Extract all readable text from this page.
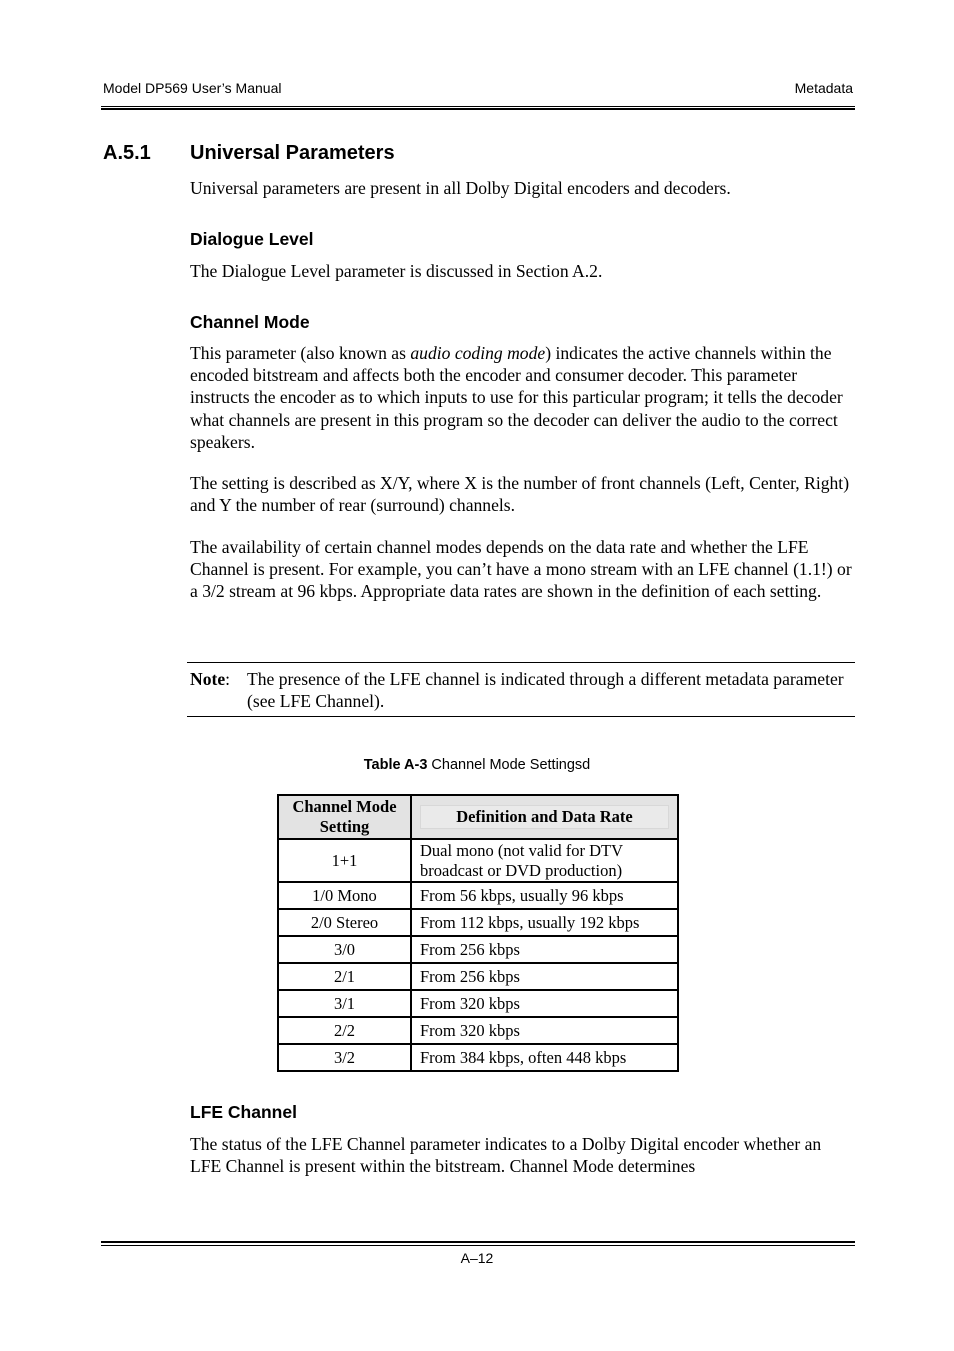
Model DP569 User’s Manual	Metadata
A.5.1 Universal Parameters
Universal parameters are present in all Dolby Digital encoders and decoders.
Dialogue Level
The Dialogue Level parameter is discussed in Section A.2.
Channel Mode
This parameter (also known as audio coding mode) indicates the active channels within the encoded bitstream and affects both the encoder and consumer decoder. This parameter instructs the encoder as to which inputs to use for this particular program; it tells the decoder what channels are present in this program so the decoder can deliver the audio to the correct speakers.
The setting is described as X/Y, where X is the number of front channels (Left, Center, Right) and Y the number of rear (surround) channels.
The availability of certain channel modes depends on the data rate and whether the LFE Channel is present. For example, you can’t have a mono stream with an LFE channel (1.1!) or a 3/2 stream at 96 kbps. Appropriate data rates are shown in the definition of each setting.
Note: The presence of the LFE channel is indicated through a different metadata parameter (see LFE Channel).
Table A-3 Channel Mode Settingsd
Channel Mode Setting	Definition and Data Rate

1+1	Dual mono (not valid for DTV broadcast or DVD production)
1/0 Mono	From 56 kbps, usually 96 kbps
2/0 Stereo	From 112 kbps, usually 192 kbps
3/0	From 256 kbps
2/1	From 256 kbps
3/1	From 320 kbps
2/2	From 320 kbps
3/2	From 384 kbps, often 448 kbps
LFE Channel
The status of the LFE Channel parameter indicates to a Dolby Digital encoder whether an LFE Channel is present within the bitstream. Channel Mode determines
A–12
